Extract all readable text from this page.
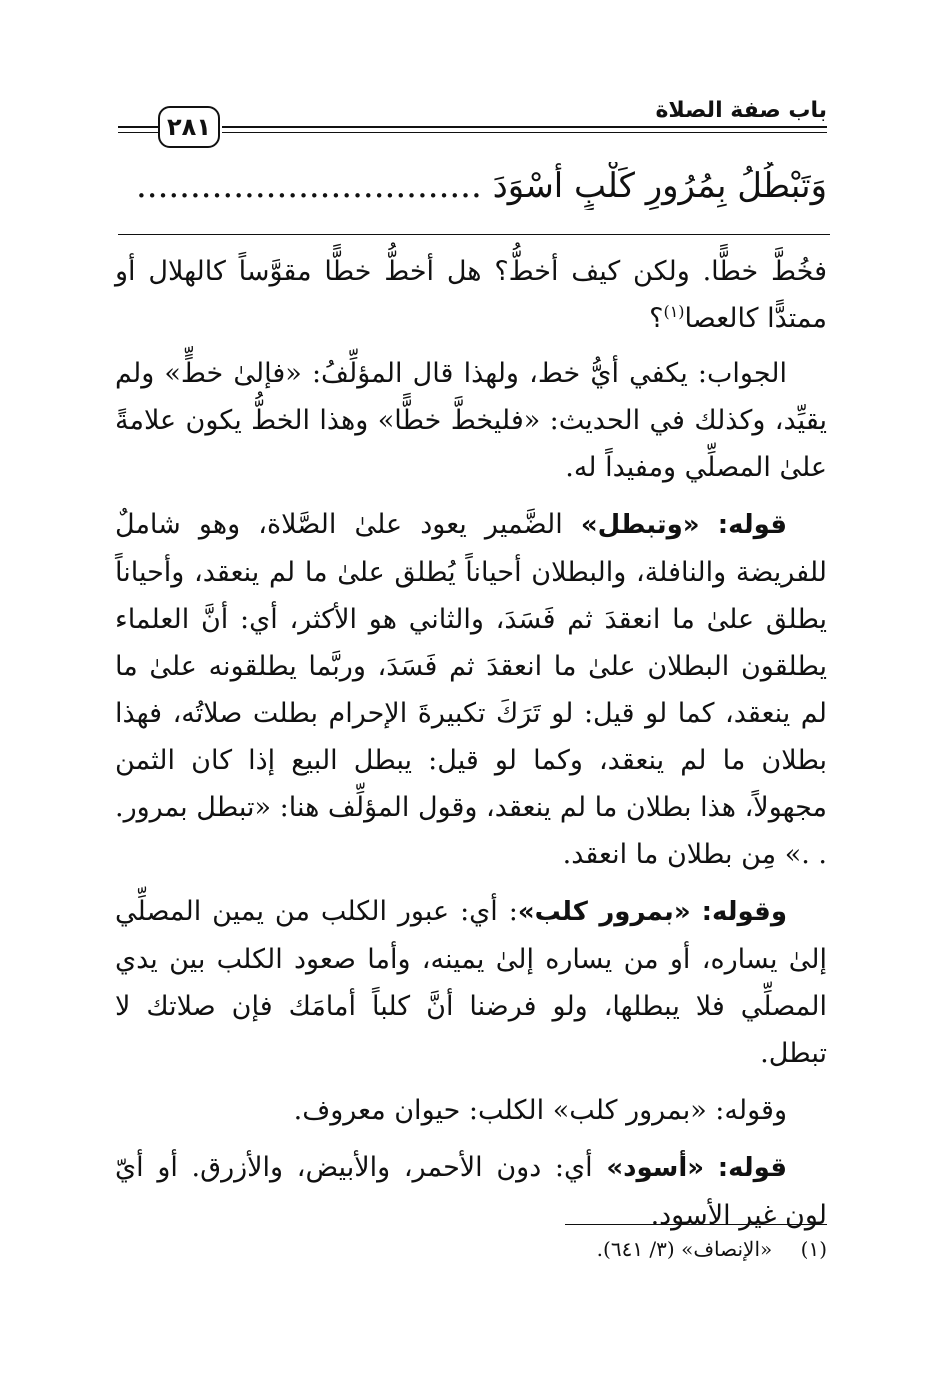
باب صفة الصلاة
٢٨١
وَتَبْطُلُ بِمُرُورِ كَلْبٍ أَسْوَدَ ................................

فخُطَّ خطًّا. ولكن كيف أخطُّ؟ هل أخطُّ خطًّا مقوَّساً كالهلال أو ممتدًّا كالعصا$^{(١)}$؟

الجواب: يكفي أيُّ خط، ولهذا قال المؤلِّفُ: «فإلىٰ خطٍّ» ولم يقيِّد، وكذلك في الحديث: «فليخطَّ خطًّا» وهذا الخطُّ يكون علامةً علىٰ المصلِّي ومفيداً له.

قوله: «وتبطل» الضَّمير يعود علىٰ الصَّلاة، وهو شاملٌ للفريضة والنافلة، والبطلان أحياناً يُطلق علىٰ ما لم ينعقد، وأحياناً يطلق علىٰ ما انعقدَ ثم فَسَدَ، والثاني هو الأكثر، أي: أنَّ العلماء يطلقون البطلان علىٰ ما انعقدَ ثم فَسَدَ، وربَّما يطلقونه علىٰ ما لم ينعقد، كما لو قيل: لو تَرَكَ تكبيرةَ الإحرام بطلت صلاتُه، فهذا بطلان ما لم ينعقد، وكما لو قيل: يبطل البيع إذا كان الثمن مجهولاً، هذا بطلان ما لم ينعقد، وقول المؤلِّف هنا: «تبطل بمرور. . .» مِن بطلان ما انعقد.

وقوله: «بمرور كلب»: أي: عبور الكلب من يمين المصلِّي إلىٰ يساره، أو من يساره إلىٰ يمينه، وأما صعود الكلب بين يدي المصلِّي فلا يبطلها، ولو فرضنا أنَّ كلباً أمامَك فإن صلاتك لا تبطل.

وقوله: «بمرور كلب» الكلب: حيوان معروف.

قوله: «أسود» أي: دون الأحمر، والأبيض، والأزرق. أو أيّ لون غير الأسود.

(١) «الإنصاف» (٣/ ٦٤١).
